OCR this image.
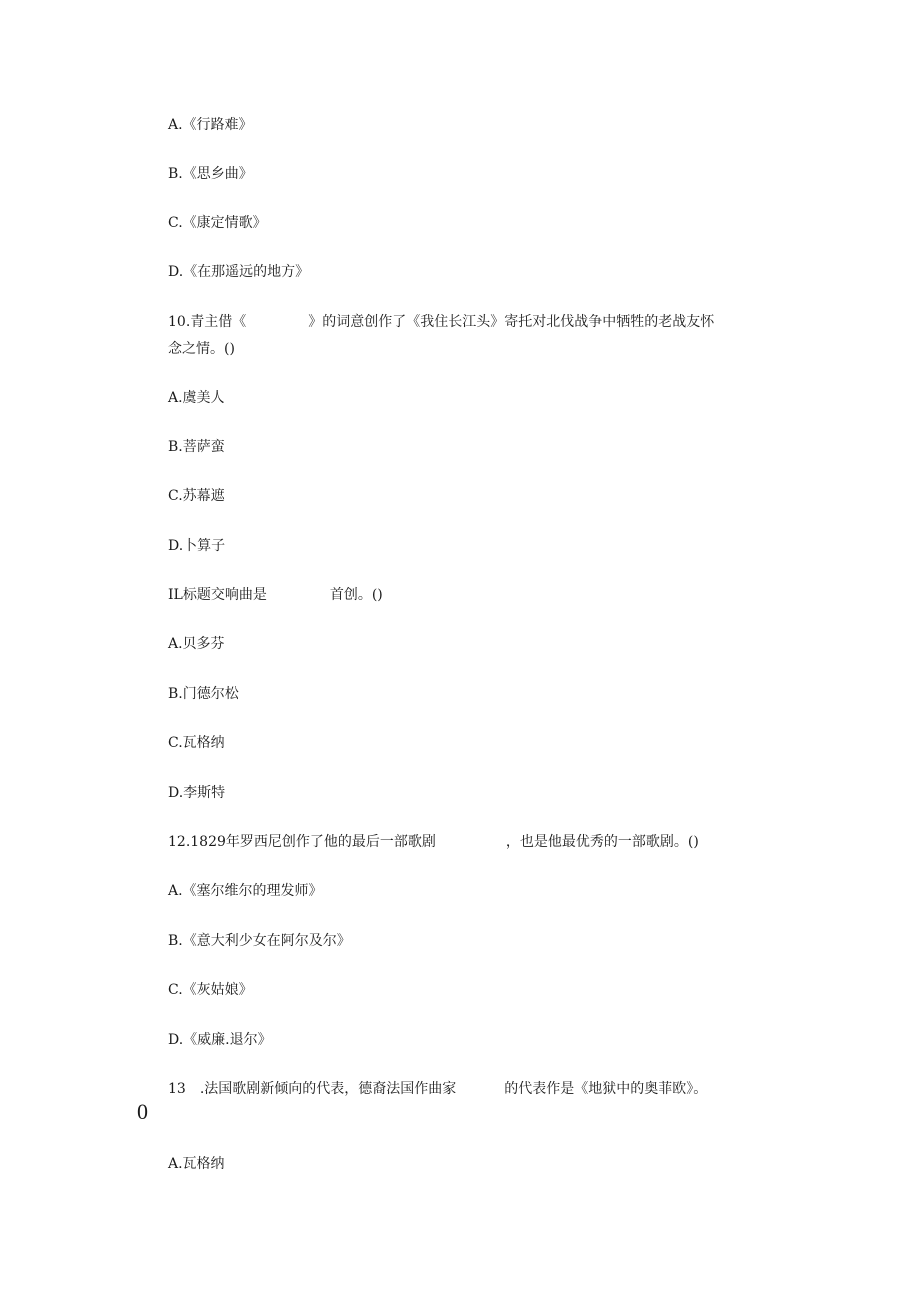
A.《行路难》
B.《思乡曲》
C.《康定情歌》
D.《在那遥远的地方》
10.青主借《	》的词意创作了《我住长江头》寄托对北伐战争中牺牲的老战友怀
念之情。()
A.虞美人
B.菩萨蛮
C.苏幕遮
D.卜算子
IL标题交响曲是	首创。()
A.贝多芬
B.门德尔松
C.瓦格纳
D.李斯特
12.1829年罗西尼创作了他的最后一部歌剧	，也是他最优秀的一部歌剧。()
A.《塞尔维尔的理发师》
B.《意大利少女在阿尔及尔》
C.《灰姑娘》
D.《威廉.退尔》
13　.法国歌剧新倾向的代表，德裔法国作曲家	的代表作是《地狱中的奥菲欧》。
0
A.瓦格纳
